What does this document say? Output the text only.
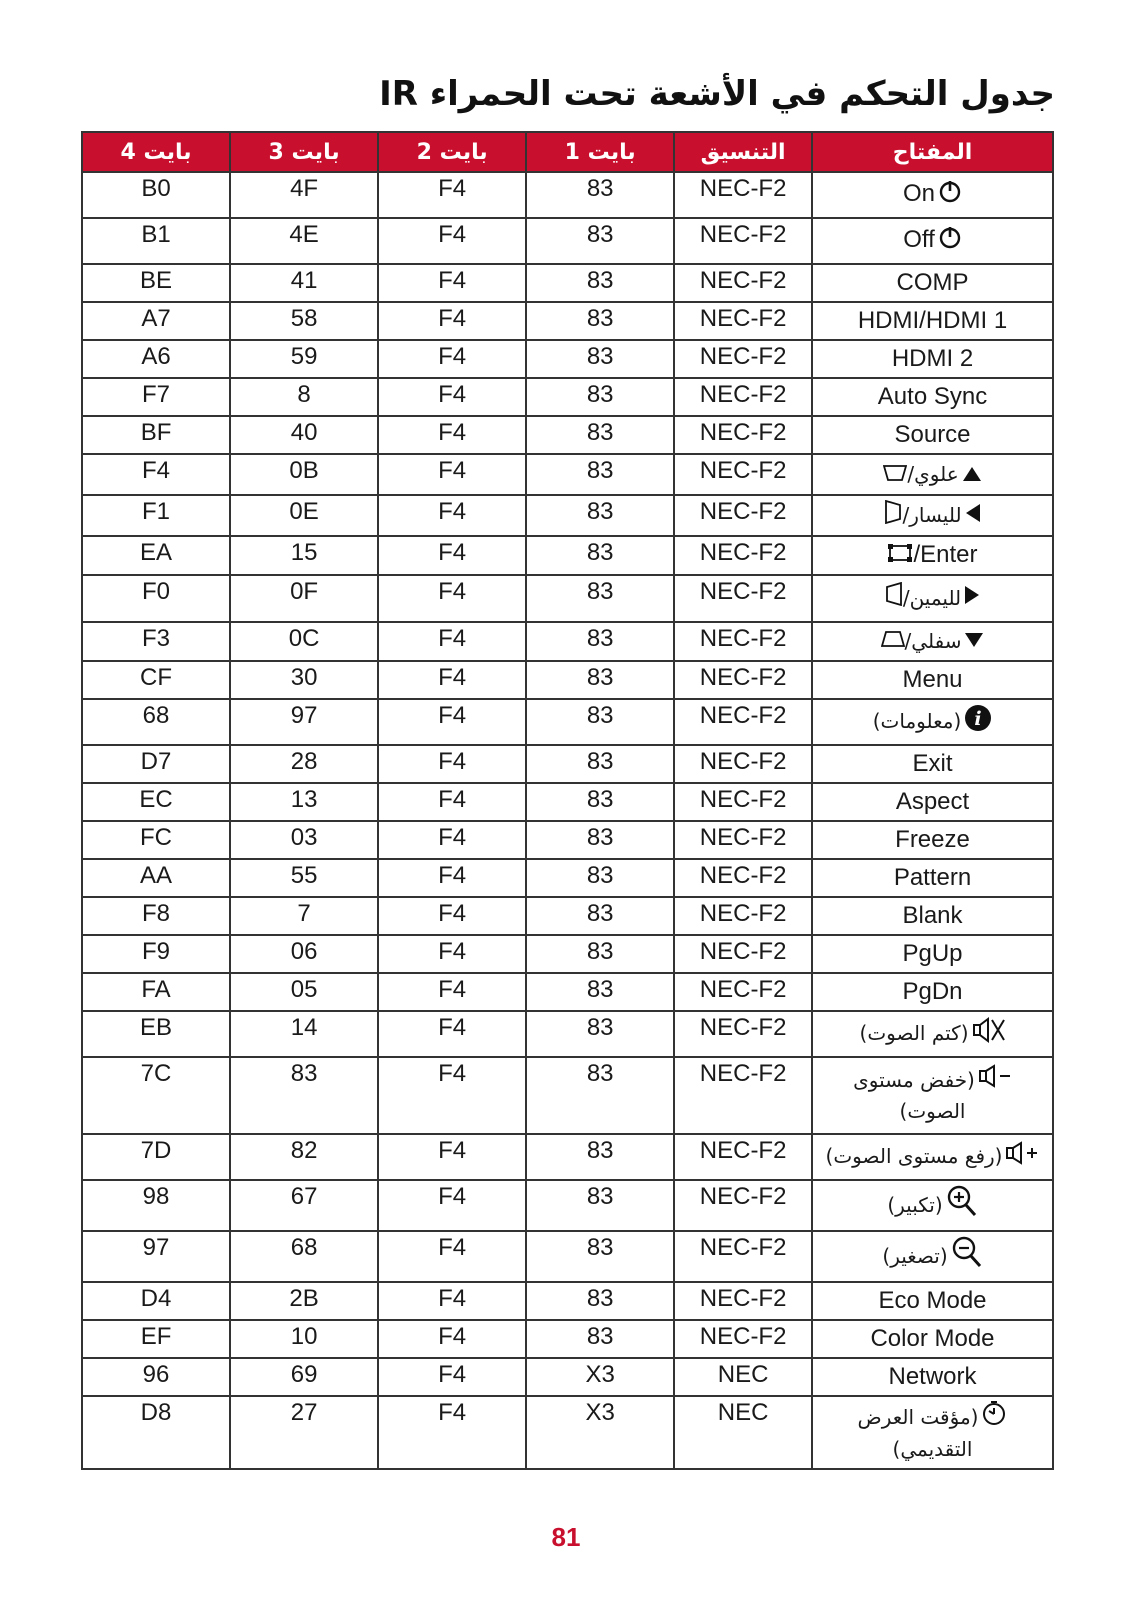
جدول التحكم في الأشعة تحت الحمراء IR
بايت 4	بايت 3	بايت 2	بايت 1	التنسيق	المفتاح
B0	4F	F4	83	NEC-F2	On
B1	4E	F4	83	NEC-F2	Off
BE	41	F4	83	NEC-F2	COMP
A7	58	F4	83	NEC-F2	HDMI/HDMI 1
A6	59	F4	83	NEC-F2	HDMI 2
F7	8	F4	83	NEC-F2	Auto Sync
BF	40	F4	83	NEC-F2	Source
F4	0B	F4	83	NEC-F2	علوي/
F1	0E	F4	83	NEC-F2	لليسار/
EA	15	F4	83	NEC-F2	/Enter
F0	0F	F4	83	NEC-F2	لليمين/
F3	0C	F4	83	NEC-F2	سفلي/
CF	30	F4	83	NEC-F2	Menu
68	97	F4	83	NEC-F2	(معلومات) i

D7	28	F4	83	NEC-F2	Exit
EC	13	F4	83	NEC-F2	Aspect
FC	03	F4	83	NEC-F2	Freeze
AA	55	F4	83	NEC-F2	Pattern
F8	7	F4	83	NEC-F2	Blank
F9	06	F4	83	NEC-F2	PgUp
FA	05	F4	83	NEC-F2	PgDn
EB	14	F4	83	NEC-F2	(كتم الصوت)
7C	83	F4	83	NEC-F2	(خفض مستوى
الصوت)

7D	82	F4	83	NEC-F2	(رفع مستوى الصوت)
98	67	F4	83	NEC-F2	(تكبير)
97	68	F4	83	NEC-F2	(تصغير)
D4	2B	F4	83	NEC-F2	Eco Mode
EF	10	F4	83	NEC-F2	Color Mode
96	69	F4	X3	NEC	Network
D8	27	F4	X3	NEC	(مؤقت العرض
التقديمي)
81
